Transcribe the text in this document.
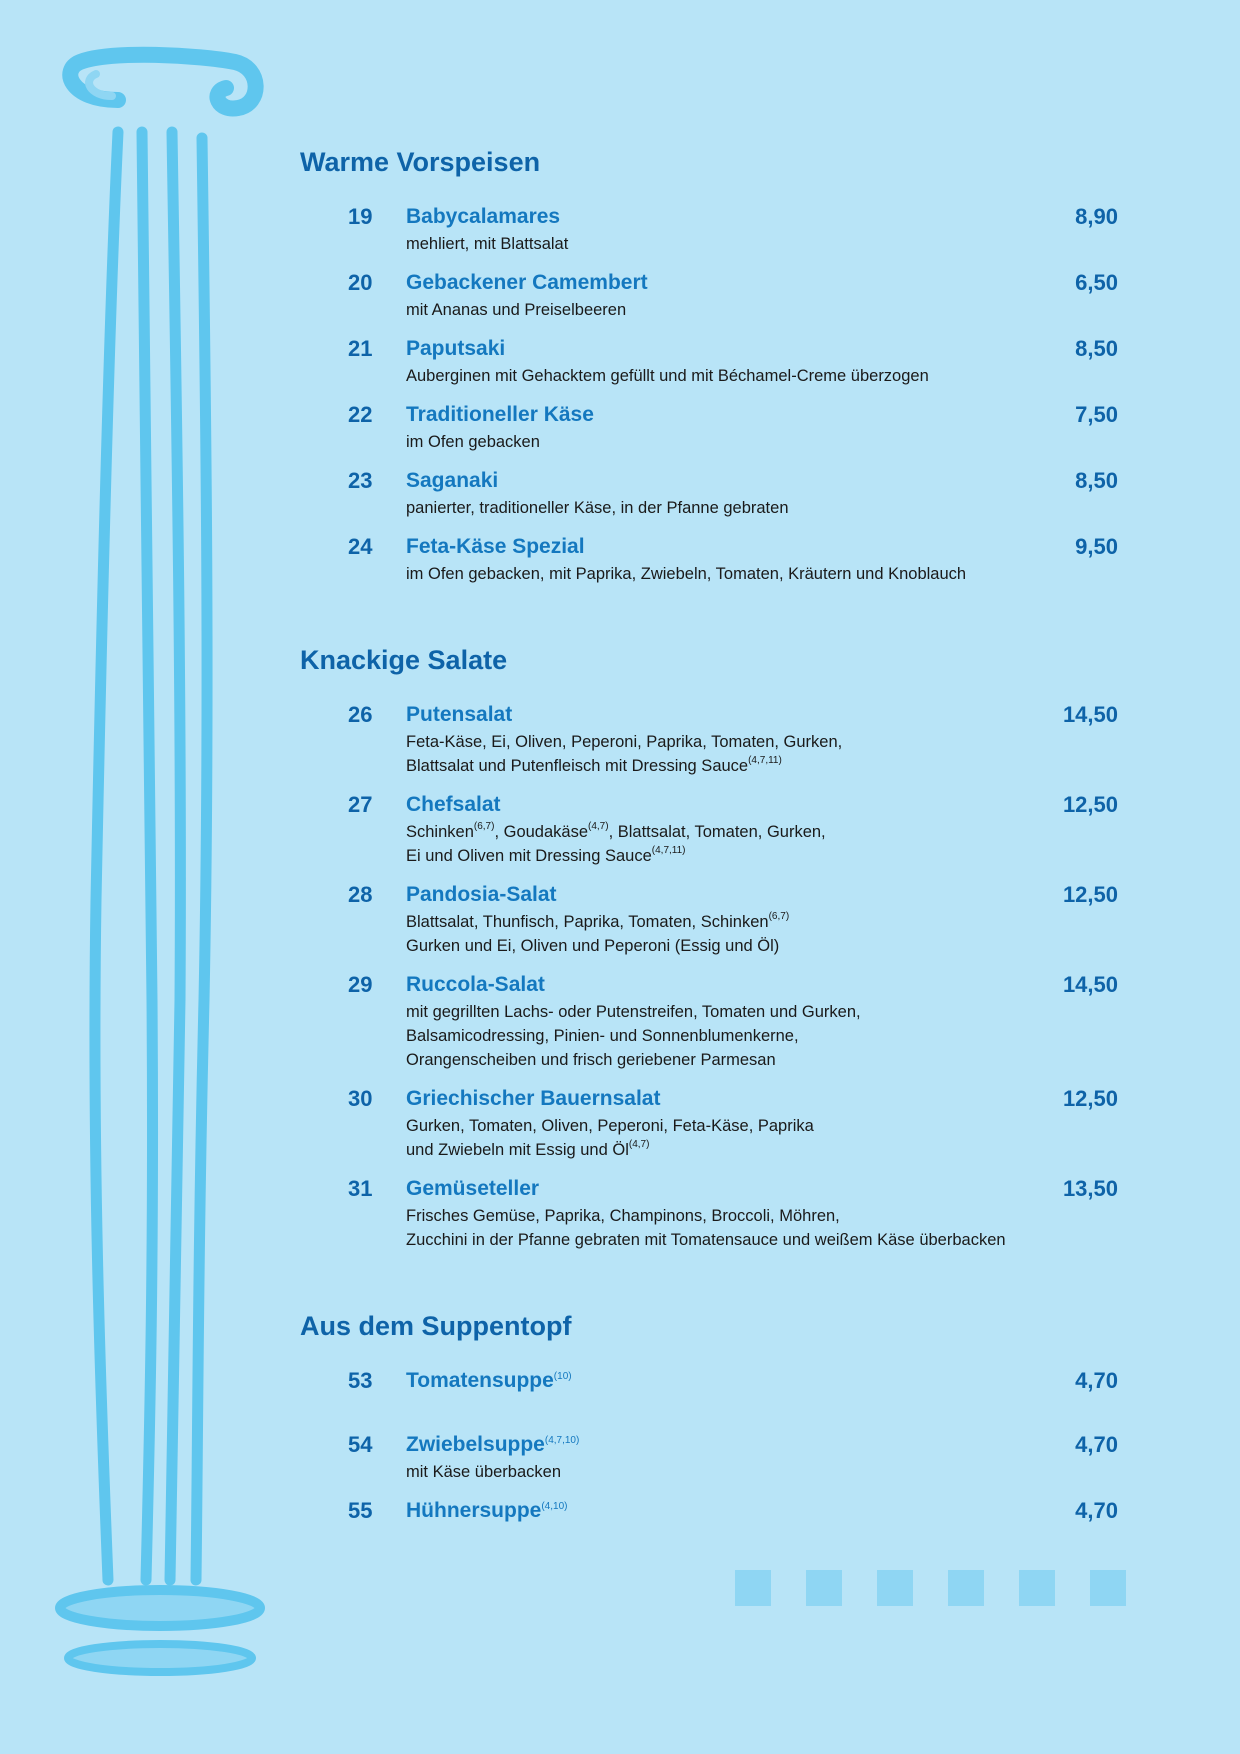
Warme Vorspeisen
19 Babycalamares	8,90
mehliert, mit Blattsalat
20 Gebackener Camembert	6,50
mit Ananas und Preiselbeeren
21 Paputsaki	8,50
Auberginen mit Gehacktem gefüllt und mit Béchamel-Creme überzogen
22 Traditioneller Käse	7,50
im Ofen gebacken
23 Saganaki	8,50
panierter, traditioneller Käse, in der Pfanne gebraten
24 Feta-Käse Spezial	9,50
im Ofen gebacken, mit Paprika, Zwiebeln, Tomaten, Kräutern und Knoblauch
Knackige Salate
26 Putensalat	14,50
Feta-Käse, Ei, Oliven, Peperoni, Paprika, Tomaten, Gurken,
Blattsalat und Putenfleisch mit Dressing Sauce$^{(4,7,11)}$
27 Chefsalat	12,50
Schinken$^{(6,7)}$, Goudakäse$^{(4,7)}$, Blattsalat, Tomaten, Gurken,
Ei und Oliven mit Dressing Sauce$^{(4,7,11)}$
28 Pandosia-Salat	12,50
Blattsalat, Thunfisch, Paprika, Tomaten, Schinken$^{(6,7)}$
Gurken und Ei, Oliven und Peperoni (Essig und Öl)
29 Ruccola-Salat	14,50
mit gegrillten Lachs- oder Putenstreifen, Tomaten und Gurken,
Balsamicodressing, Pinien- und Sonnenblumenkerne,
Orangenscheiben und frisch geriebener Parmesan
30 Griechischer Bauernsalat	12,50
Gurken, Tomaten, Oliven, Peperoni, Feta-Käse, Paprika
und Zwiebeln mit Essig und Öl$^{(4,7)}$
31 Gemüseteller	13,50
Frisches Gemüse, Paprika, Champinons, Broccoli, Möhren,
Zucchini in der Pfanne gebraten mit Tomatensauce und weißem Käse überbacken
Aus dem Suppentopf
53 Tomatensuppe$^{(10)}$	4,70
54 Zwiebelsuppe$^{(4,7,10)}$	4,70
mit Käse überbacken
55 Hühnersuppe$^{(4,10)}$	4,70
